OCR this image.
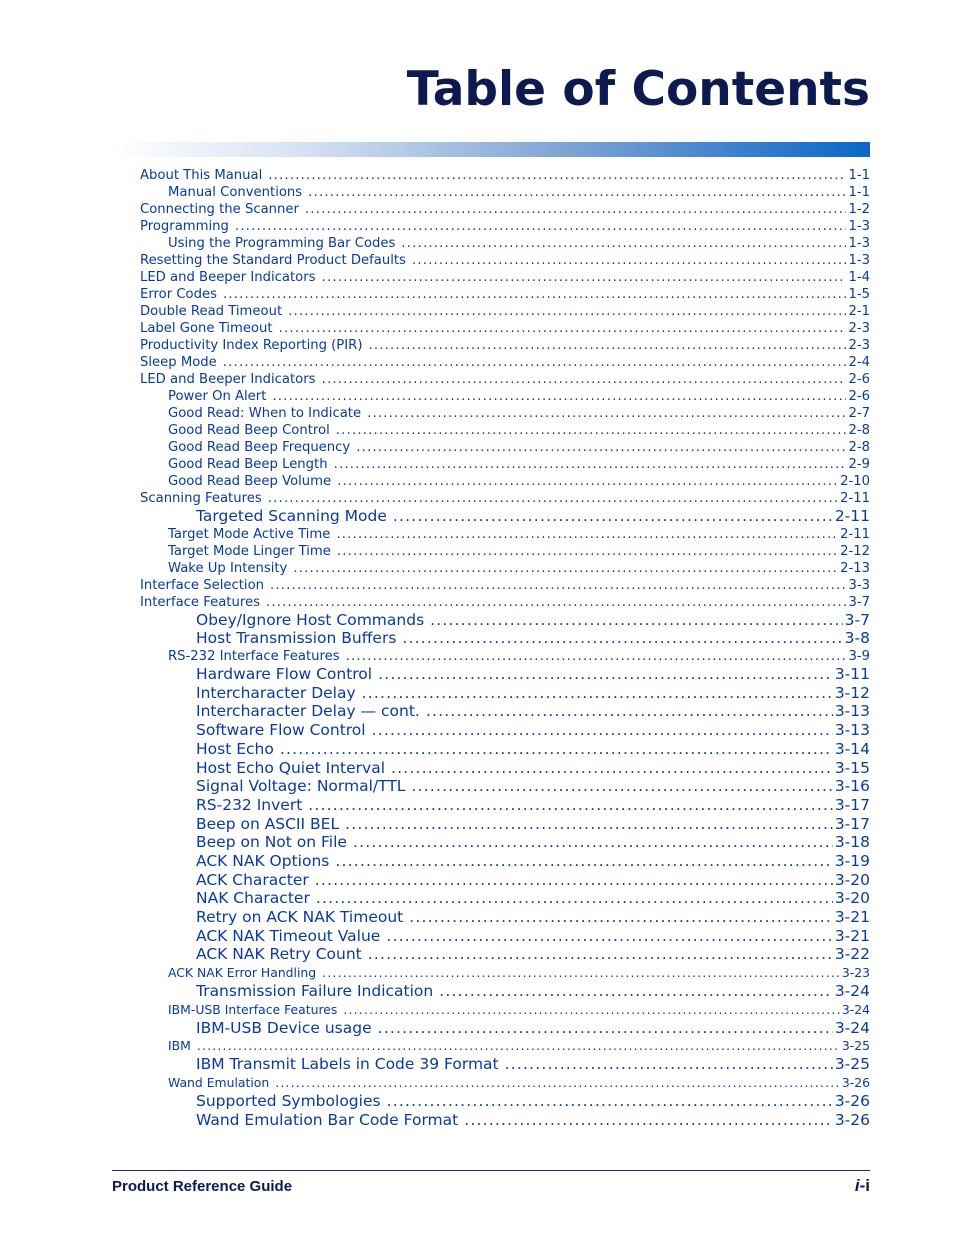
Table of Contents
About This Manual .....	1-1
Manual Conventions .....	1-1
Connecting the Scanner .....	1-2
Programming .....	1-3
Using the Programming Bar Codes .....	1-3
Resetting the Standard Product Defaults .....	1-3
LED and Beeper Indicators .....	1-4
Error Codes .....	1-5
Double Read Timeout .....	2-1
Label Gone Timeout .....	2-3
Productivity Index Reporting (PIR) .....	2-3
Sleep Mode .....	2-4
LED and Beeper Indicators .....	2-6
Power On Alert .....	2-6
Good Read: When to Indicate .....	2-7
Good Read Beep Control .....	2-8
Good Read Beep Frequency .....	2-8
Good Read Beep Length .....	2-9
Good Read Beep Volume .....	2-10
Scanning Features .....	2-11
Targeted Scanning Mode .....	2-11
Target Mode Active Time .....	2-11
Target Mode Linger Time .....	2-12
Wake Up Intensity .....	2-13
Interface Selection .....	3-3
Interface Features .....	3-7
Obey/Ignore Host Commands .....	3-7
Host Transmission Buffers .....	3-8
RS-232 Interface Features .....	3-9
Hardware Flow Control .....	3-11
Intercharacter Delay .....	3-12
Intercharacter Delay — cont. .....	3-13
Software Flow Control .....	3-13
Host Echo .....	3-14
Host Echo Quiet Interval .....	3-15
Signal Voltage: Normal/TTL .....	3-16
RS-232 Invert .....	3-17
Beep on ASCII BEL .....	3-17
Beep on Not on File .....	3-18
ACK NAK Options .....	3-19
ACK Character .....	3-20
NAK Character .....	3-20
Retry on ACK NAK Timeout .....	3-21
ACK NAK Timeout Value .....	3-21
ACK NAK Retry Count .....	3-22
ACK NAK Error Handling .....	3-23
Transmission Failure Indication .....	3-24
IBM-USB Interface Features .....	3-24
IBM-USB Device usage .....	3-24
IBM .....	3-25
IBM Transmit Labels in Code 39 Format .....	3-25
Wand Emulation .....	3-26
Supported Symbologies .....	3-26
Wand Emulation Bar Code Format .....	3-26
Product Reference Guide	i-i
